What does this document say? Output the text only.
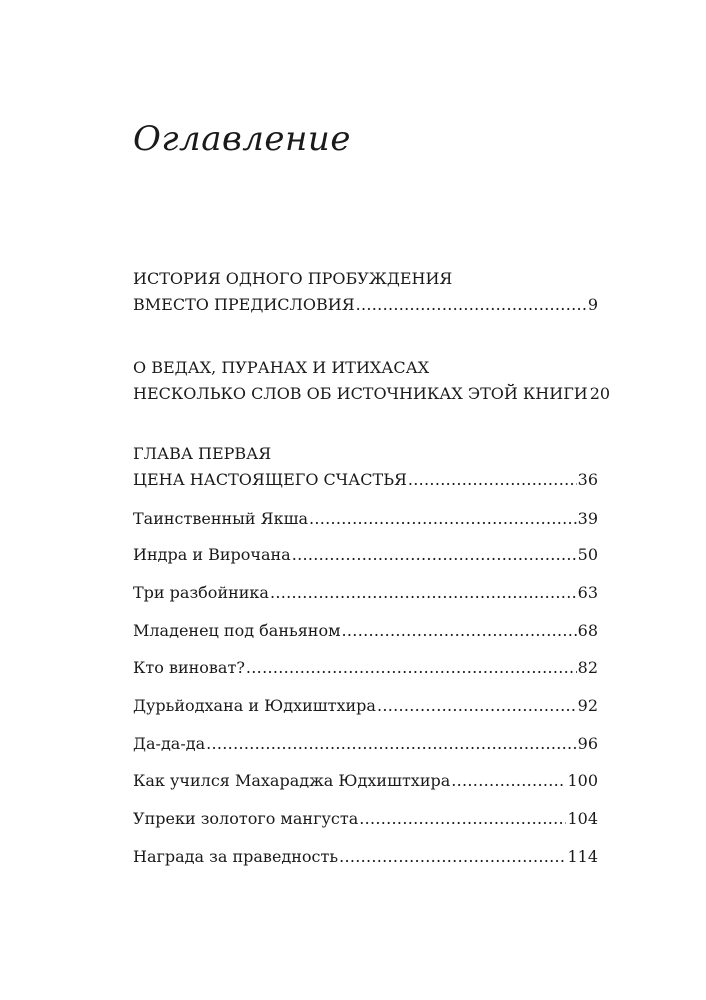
Оглавление
ИСТОРИЯ ОДНОГО ПРОБУЖДЕНИЯ
ВМЕСТО ПРЕДИСЛОВИЯ .....	9
О ВЕДАХ, ПУРАНАХ И ИТИХАСАХ
НЕСКОЛЬКО СЛОВ ОБ ИСТОЧНИКАХ ЭТОЙ КНИГИ 20
ГЛАВА ПЕРВАЯ
ЦЕНА НАСТОЯЩЕГО СЧАСТЬЯ .....	36
Таинственный Якша .....	39
Индра и Вирочана .....	50
Три разбойника .....	63
Младенец под баньяном .....	68
Кто виноват? .....	82
Дурьйодхана и Юдхиштхира .....	92
Да-да-да .....	96
Как учился Махараджа Юдхиштхира .....	100
Упреки золотого мангуста .....	104
Награда за праведность .....	114
